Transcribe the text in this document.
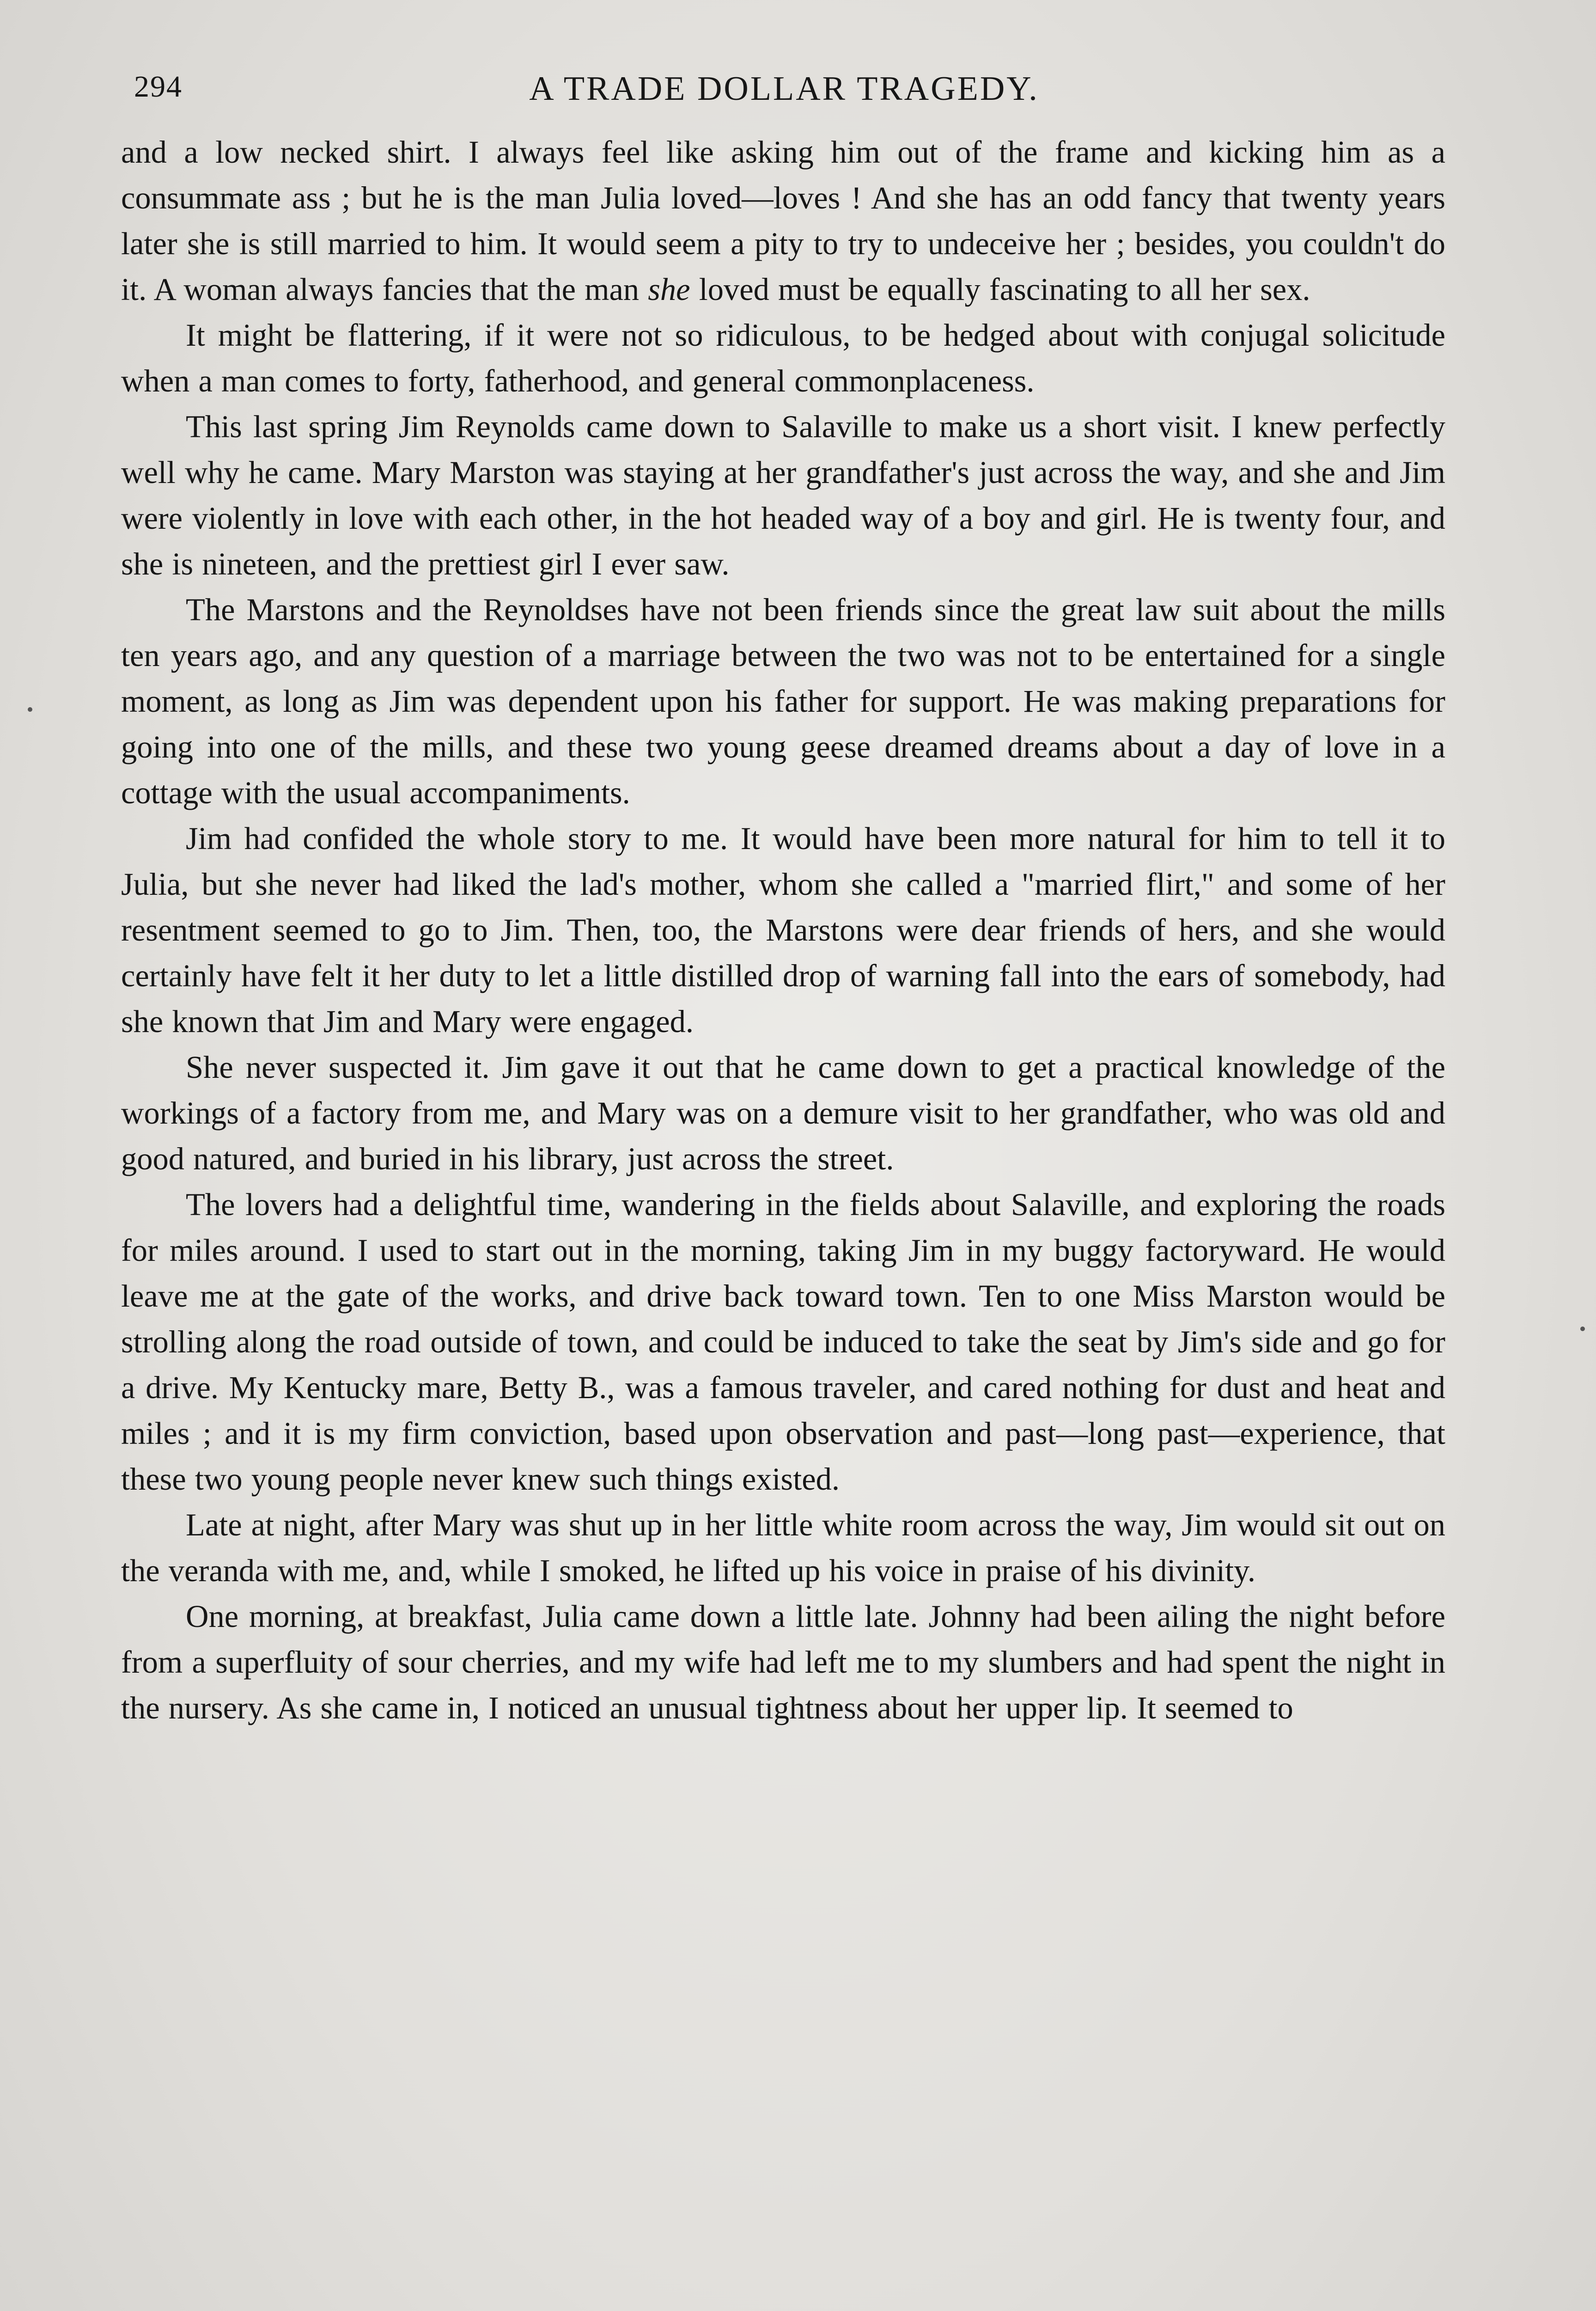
294	A TRADE DOLLAR TRAGEDY.

and a low necked shirt. I always feel like asking him out of the frame and kicking him as a consummate ass ; but he is the man Julia loved—loves ! And she has an odd fancy that twenty years later she is still married to him. It would seem a pity to try to undeceive her ; besides, you couldn't do it. A woman always fancies that the man she loved must be equally fascinating to all her sex.

It might be flattering, if it were not so ridiculous, to be hedged about with conjugal solicitude when a man comes to forty, fatherhood, and general commonplaceness.

This last spring Jim Reynolds came down to Salaville to make us a short visit. I knew perfectly well why he came. Mary Marston was staying at her grandfather's just across the way, and she and Jim were violently in love with each other, in the hot headed way of a boy and girl. He is twenty four, and she is nineteen, and the prettiest girl I ever saw.

The Marstons and the Reynoldses have not been friends since the great law suit about the mills ten years ago, and any question of a marriage between the two was not to be entertained for a single moment, as long as Jim was dependent upon his father for support. He was making preparations for going into one of the mills, and these two young geese dreamed dreams about a day of love in a cottage with the usual accompaniments.

Jim had confided the whole story to me. It would have been more natural for him to tell it to Julia, but she never had liked the lad's mother, whom she called a "married flirt," and some of her resentment seemed to go to Jim. Then, too, the Marstons were dear friends of hers, and she would certainly have felt it her duty to let a little distilled drop of warning fall into the ears of somebody, had she known that Jim and Mary were engaged.

She never suspected it. Jim gave it out that he came down to get a practical knowledge of the workings of a factory from me, and Mary was on a demure visit to her grandfather, who was old and good natured, and buried in his library, just across the street.

The lovers had a delightful time, wandering in the fields about Salaville, and exploring the roads for miles around. I used to start out in the morning, taking Jim in my buggy factoryward. He would leave me at the gate of the works, and drive back toward town. Ten to one Miss Marston would be strolling along the road outside of town, and could be induced to take the seat by Jim's side and go for a drive. My Kentucky mare, Betty B., was a famous traveler, and cared nothing for dust and heat and miles ; and it is my firm conviction, based upon observation and past—long past—experience, that these two young people never knew such things existed.

Late at night, after Mary was shut up in her little white room across the way, Jim would sit out on the veranda with me, and, while I smoked, he lifted up his voice in praise of his divinity.

One morning, at breakfast, Julia came down a little late. Johnny had been ailing the night before from a superfluity of sour cherries, and my wife had left me to my slumbers and had spent the night in the nursery. As she came in, I noticed an unusual tightness about her upper lip. It seemed to
